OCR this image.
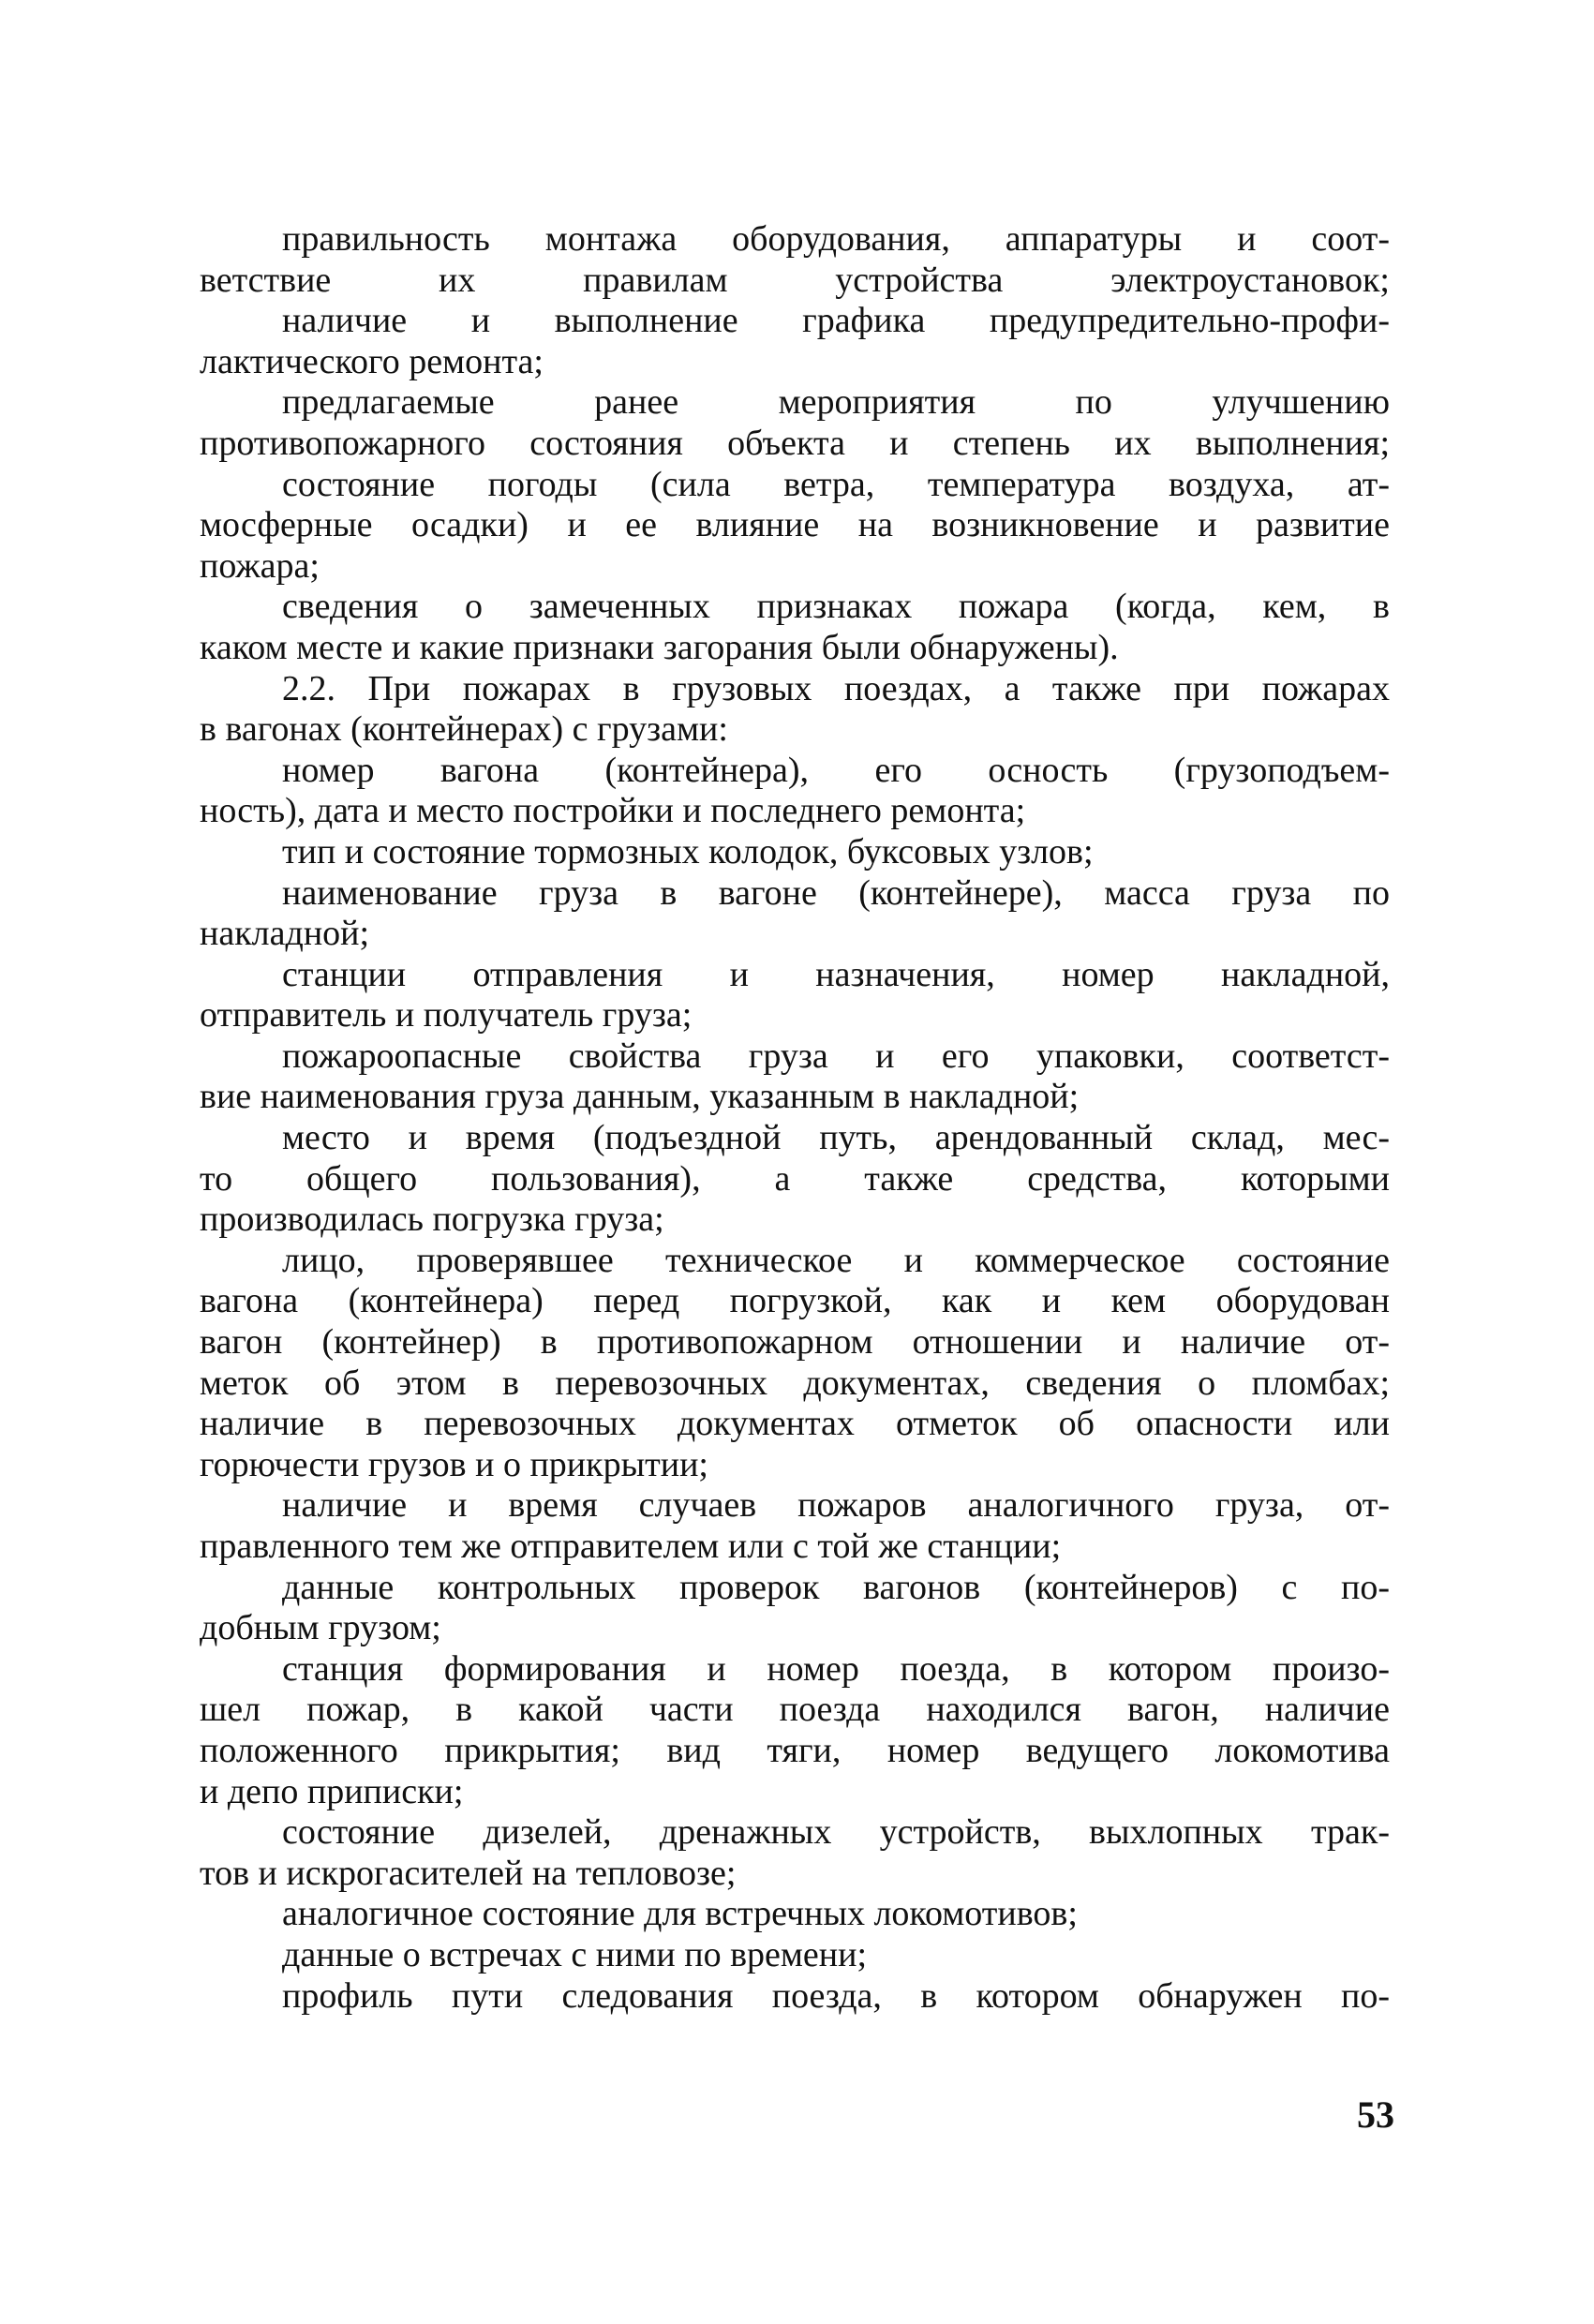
правильность монтажа оборудования, аппаратуры и соот-
ветствие их правилам устройства электроустановок;
наличие и выполнение графика предупредительно-профи-
лактического ремонта;
предлагаемые ранее мероприятия по улучшению
противопожарного состояния объекта и степень их выполнения;
состояние погоды (сила ветра, температура воздуха, ат-
мосферные осадки) и ее влияние на возникновение и развитие
пожара;
сведения о замеченных признаках пожара (когда, кем, в
каком месте и какие признаки загорания были обнаружены).
2.2. При пожарах в грузовых поездах, а также при пожарах
в вагонах (контейнерах) с грузами:
номер вагона (контейнера), его осность (грузоподъем-
ность), дата и место постройки и последнего ремонта;
тип и состояние тормозных колодок, буксовых узлов;
наименование груза в вагоне (контейнере), масса груза по
накладной;
станции отправления и назначения, номер накладной,
отправитель и получатель груза;
пожароопасные свойства груза и его упаковки, соответст-
вие наименования груза данным, указанным в накладной;
место и время (подъездной путь, арендованный склад, мес-
то общего пользования), а также средства, которыми
производилась погрузка груза;
лицо, проверявшее техническое и коммерческое состояние
вагона (контейнера) перед погрузкой, как и кем оборудован
вагон (контейнер) в противопожарном отношении и наличие от-
меток об этом в перевозочных документах, сведения о пломбах;
наличие в перевозочных документах отметок об опасности или
горючести грузов и о прикрытии;
наличие и время случаев пожаров аналогичного груза, от-
правленного тем же отправителем или с той же станции;
данные контрольных проверок вагонов (контейнеров) с по-
добным грузом;
станция формирования и номер поезда, в котором произо-
шел пожар, в какой части поезда находился вагон, наличие
положенного прикрытия; вид тяги, номер ведущего локомотива
и депо приписки;
состояние дизелей, дренажных устройств, выхлопных трак-
тов и искрогасителей на тепловозе;
аналогичное состояние для встречных локомотивов;
данные о встречах с ними по времени;
профиль пути следования поезда, в котором обнаружен по-
53
